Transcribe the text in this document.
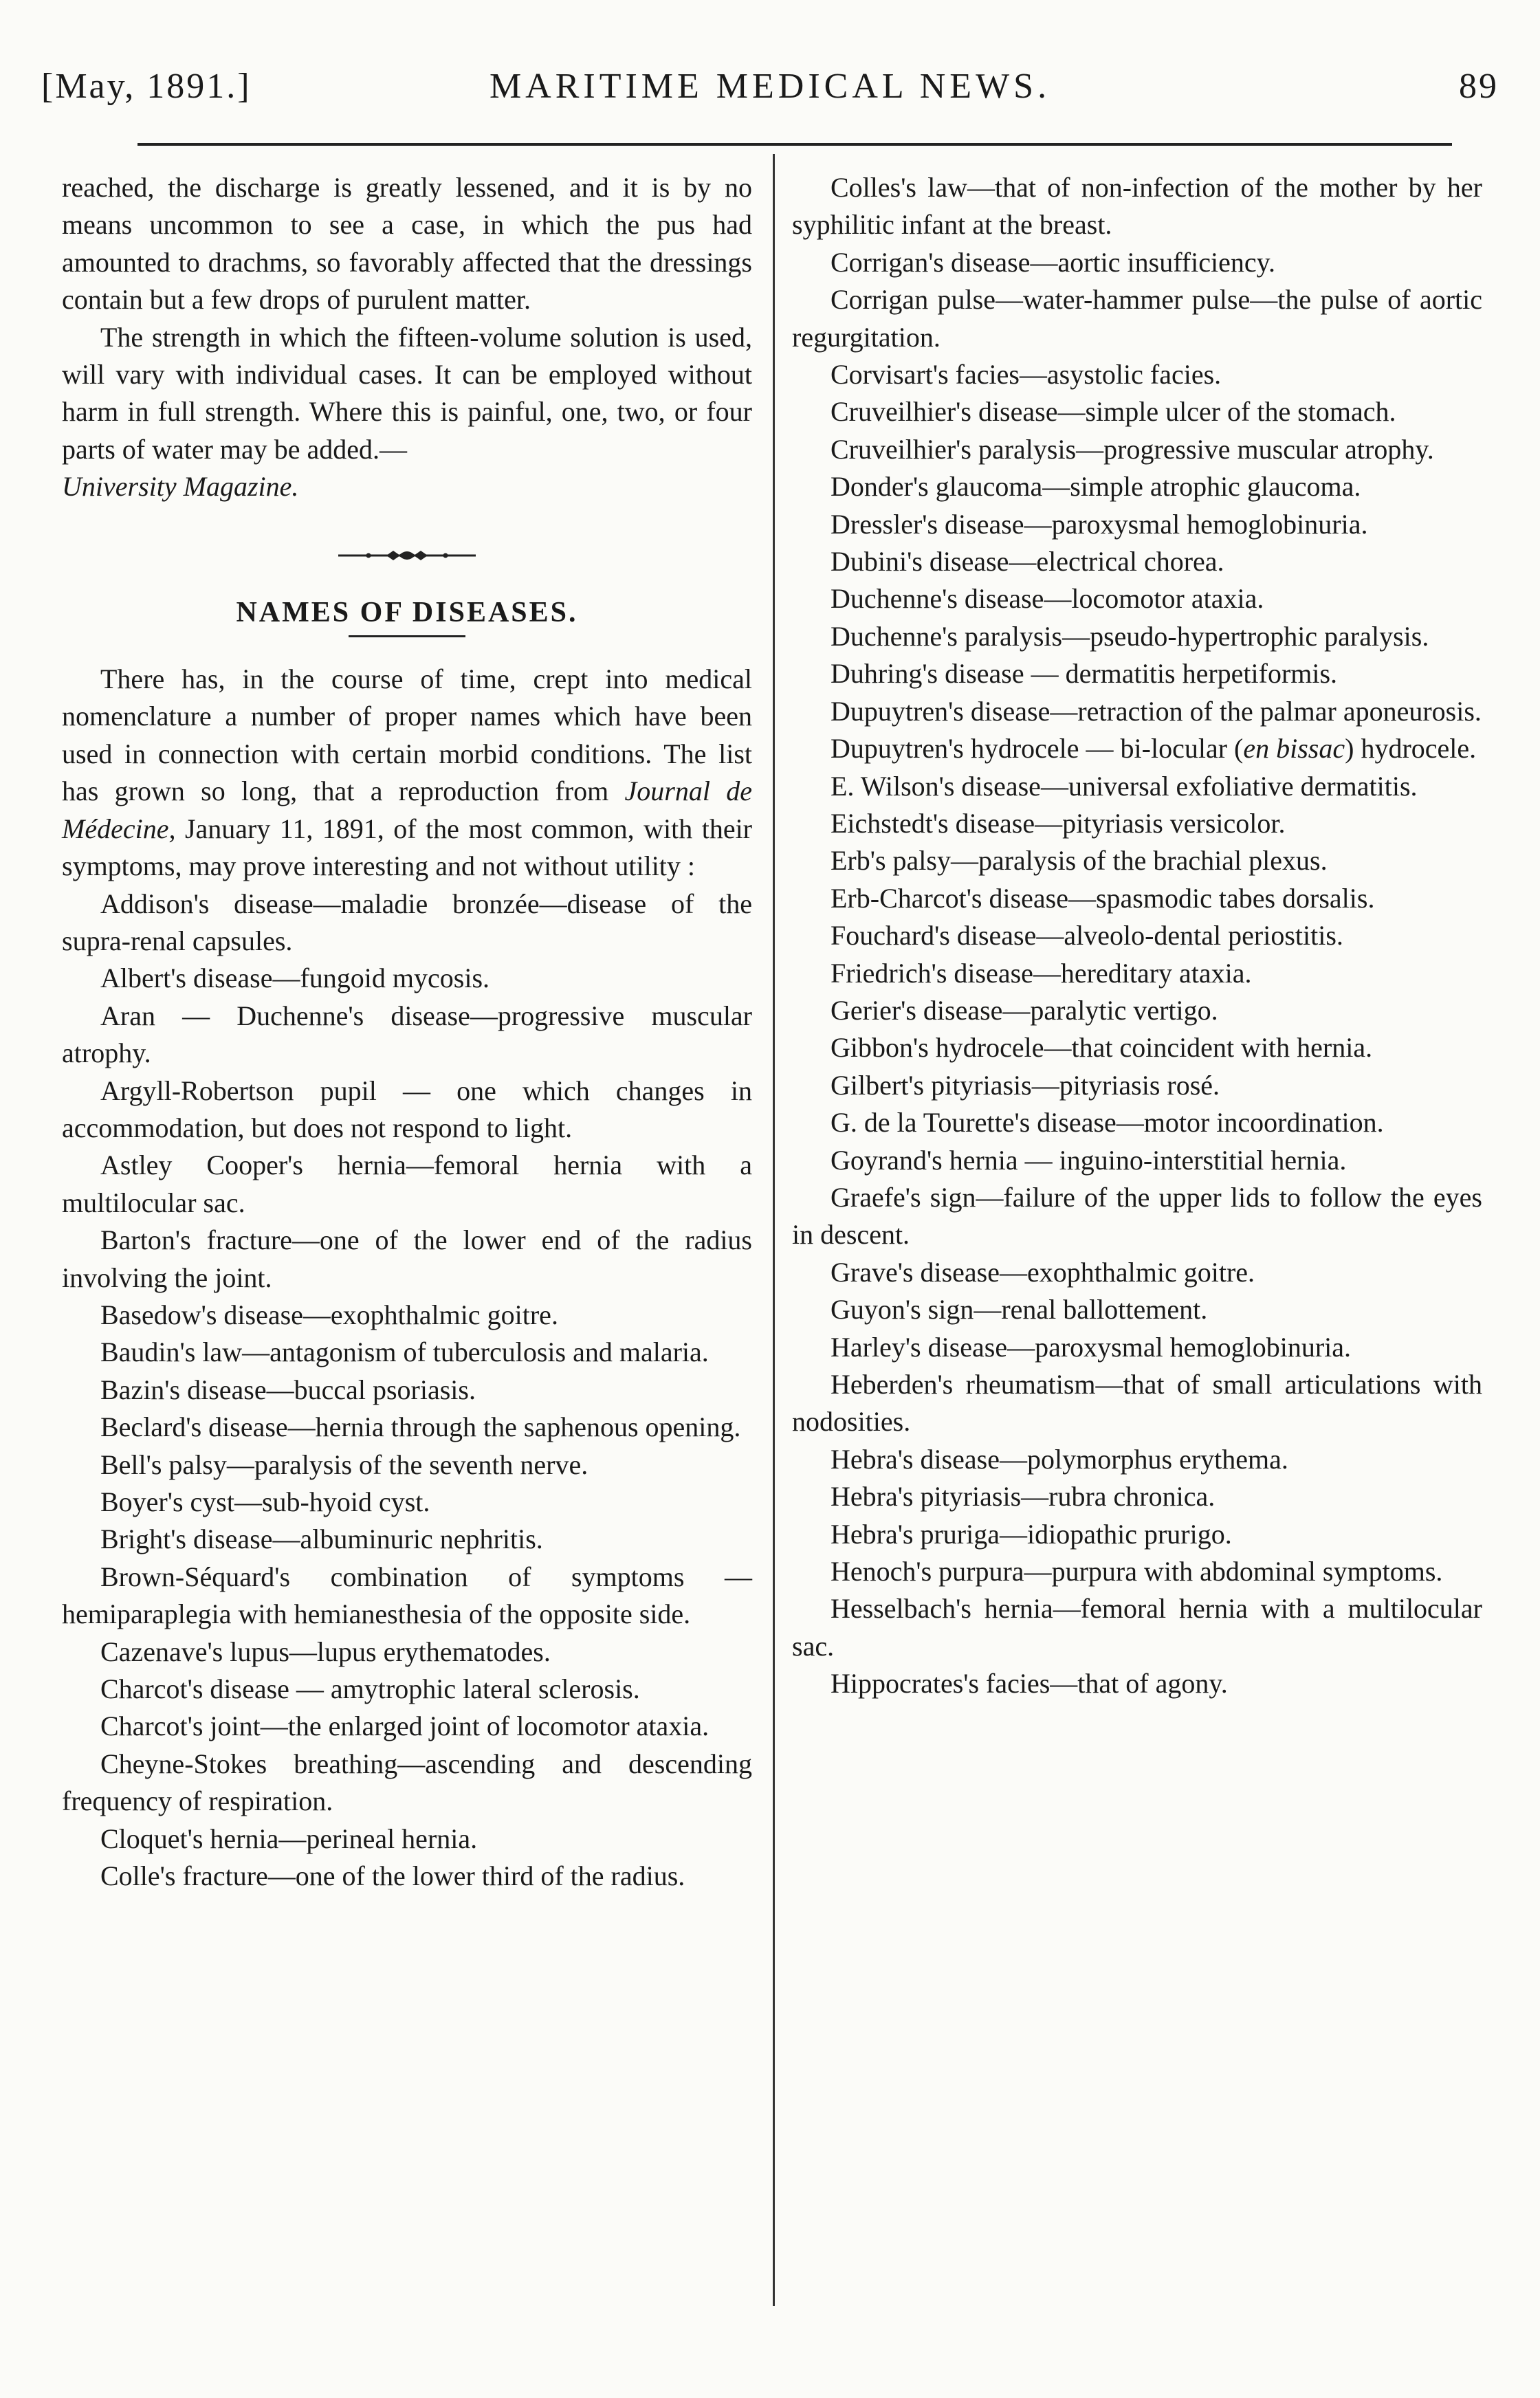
[May, 1891.]	MARITIME MEDICAL NEWS.	89

reached, the discharge is greatly lessened, and it is by no means uncommon to see a case, in which the pus had amounted to drachms, so favorably affected that the dressings contain but a few drops of purulent matter.

The strength in which the fifteen-volume solution is used, will vary with individual cases. It can be employed without harm in full strength. Where this is painful, one, two, or four parts of water may be added.—
University Magazine.

NAMES OF DISEASES.

There has, in the course of time, crept into medical nomenclature a number of proper names which have been used in connection with certain morbid conditions. The list has grown so long, that a reproduction from Journal de Médecine, January 11, 1891, of the most common, with their symptoms, may prove interesting and not without utility :

Addison's disease—maladie bronzée—disease of the supra-renal capsules.

Albert's disease—fungoid mycosis.

Aran — Duchenne's disease—progressive muscular atrophy.

Argyll-Robertson pupil — one which changes in accommodation, but does not respond to light.

Astley Cooper's hernia—femoral hernia with a multilocular sac.

Barton's fracture—one of the lower end of the radius involving the joint.

Basedow's disease—exophthalmic goitre.

Baudin's law—antagonism of tuberculosis and malaria.

Bazin's disease—buccal psoriasis.

Beclard's disease—hernia through the saphenous opening.

Bell's palsy—paralysis of the seventh nerve.

Boyer's cyst—sub-hyoid cyst.

Bright's disease—albuminuric nephritis.

Brown-Séquard's combination of symptoms —hemiparaplegia with hemianesthesia of the opposite side.

Cazenave's lupus—lupus erythematodes.

Charcot's disease — amytrophic lateral sclerosis.

Charcot's joint—the enlarged joint of locomotor ataxia.

Cheyne-Stokes breathing—ascending and descending frequency of respiration.

Cloquet's hernia—perineal hernia.

Colle's fracture—one of the lower third of the radius.

Colles's law—that of non-infection of the mother by her syphilitic infant at the breast.

Corrigan's disease—aortic insufficiency.

Corrigan pulse—water-hammer pulse—the pulse of aortic regurgitation.

Corvisart's facies—asystolic facies.

Cruveilhier's disease—simple ulcer of the stomach.

Cruveilhier's paralysis—progressive muscular atrophy.

Donder's glaucoma—simple atrophic glaucoma.

Dressler's disease—paroxysmal hemoglobinuria.

Dubini's disease—electrical chorea.

Duchenne's disease—locomotor ataxia.

Duchenne's paralysis—pseudo-hypertrophic paralysis.

Duhring's disease — dermatitis herpetiformis.

Dupuytren's disease—retraction of the palmar aponeurosis.

Dupuytren's hydrocele — bi-locular (en bissac) hydrocele.

E. Wilson's disease—universal exfoliative dermatitis.

Eichstedt's disease—pityriasis versicolor.

Erb's palsy—paralysis of the brachial plexus.

Erb-Charcot's disease—spasmodic tabes dorsalis.

Fouchard's disease—alveolo-dental periostitis.

Friedrich's disease—hereditary ataxia.

Gerier's disease—paralytic vertigo.

Gibbon's hydrocele—that coincident with hernia.

Gilbert's pityriasis—pityriasis rosé.

G. de la Tourette's disease—motor incoordination.

Goyrand's hernia — inguino-interstitial hernia.

Graefe's sign—failure of the upper lids to follow the eyes in descent.

Grave's disease—exophthalmic goitre.

Guyon's sign—renal ballottement.

Harley's disease—paroxysmal hemoglobinuria.

Heberden's rheumatism—that of small articulations with nodosities.

Hebra's disease—polymorphus erythema.

Hebra's pityriasis—rubra chronica.

Hebra's pruriga—idiopathic prurigo.

Henoch's purpura—purpura with abdominal symptoms.

Hesselbach's hernia—femoral hernia with a multilocular sac.

Hippocrates's facies—that of agony.
